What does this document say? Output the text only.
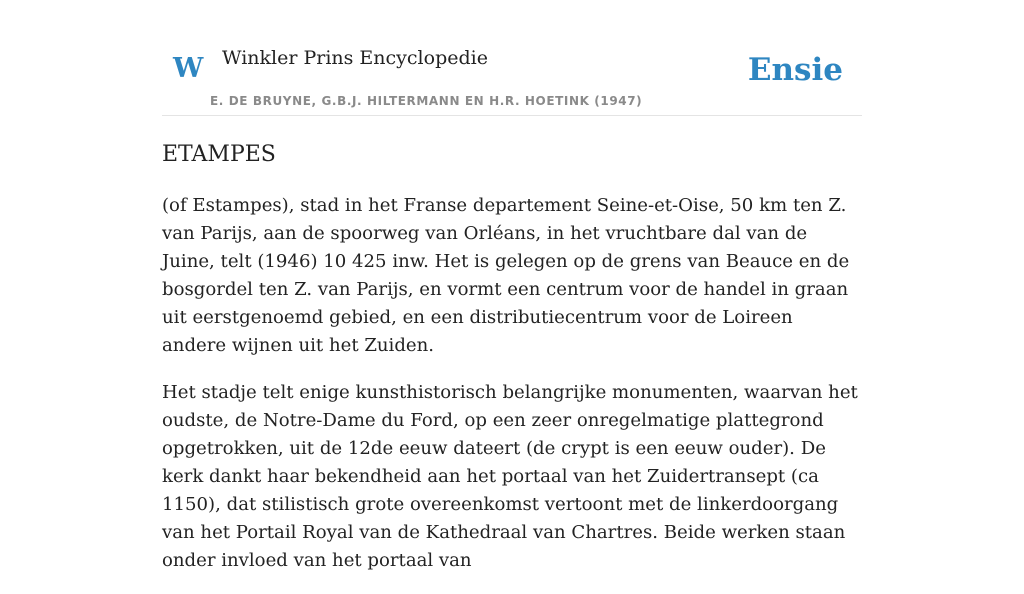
W Winkler Prins Encyclopedie
E. DE BRUYNE, G.B.J. HILTERMANN EN H.R. HOETINK (1947)
Ensie
ETAMPES

(of Estampes), stad in het Franse departement Seine-et-Oise, 50 km ten Z. van Parijs, aan de spoorweg van Orléans, in het vruchtbare dal van de Juine, telt (1946) 10 425 inw. Het is gelegen op de grens van Beauce en de bosgordel ten Z. van Parijs, en vormt een centrum voor de handel in graan uit eerstgenoemd gebied, en een distributiecentrum voor de Loireen andere wijnen uit het Zuiden.

Het stadje telt enige kunsthistorisch belangrijke monumenten, waarvan het oudste, de Notre-Dame du Ford, op een zeer onregelmatige plattegrond opgetrokken, uit de 12de eeuw dateert (de crypt is een eeuw ouder). De kerk dankt haar bekendheid aan het portaal van het Zuidertransept (ca 1150), dat stilistisch grote overeenkomst vertoont met de linkerdoorgang van het Portail Royal van de Kathedraal van Chartres. Beide werken staan onder invloed van het portaal van
